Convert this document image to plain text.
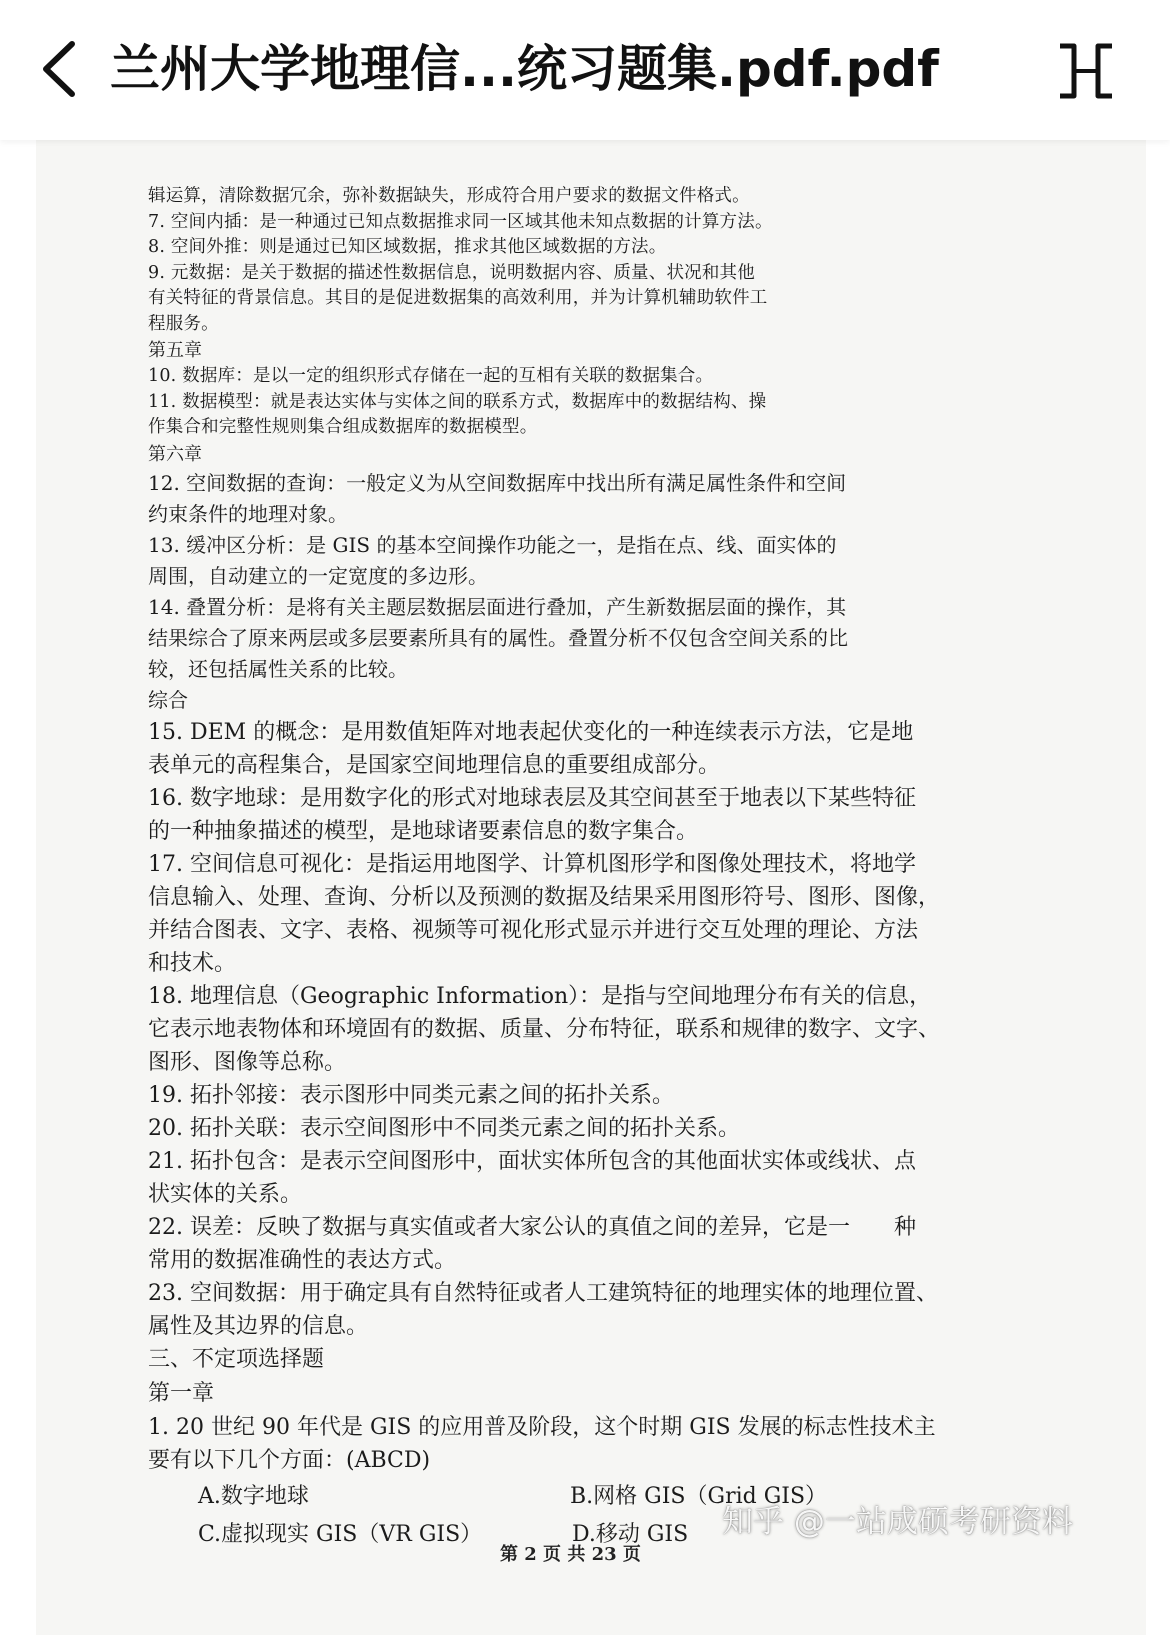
兰州大学地理信...统习题集.pdf.pdf

辑运算，清除数据冗余，弥补数据缺失，形成符合用户要求的数据文件格式。

7. 空间内插：是一种通过已知点数据推求同一区域其他未知点数据的计算方法。

8. 空间外推：则是通过已知区域数据，推求其他区域数据的方法。

9. 元数据：是关于数据的描述性数据信息，说明数据内容、质量、状况和其他

有关特征的背景信息。其目的是促进数据集的高效利用，并为计算机辅助软件工

程服务。

第五章

10. 数据库：是以一定的组织形式存储在一起的互相有关联的数据集合。

11. 数据模型：就是表达实体与实体之间的联系方式，数据库中的数据结构、操

作集合和完整性规则集合组成数据库的数据模型。

第六章

12. 空间数据的查询：一般定义为从空间数据库中找出所有满足属性条件和空间

约束条件的地理对象。

13. 缓冲区分析：是 GIS 的基本空间操作功能之一，是指在点、线、面实体的

周围，自动建立的一定宽度的多边形。

14. 叠置分析：是将有关主题层数据层面进行叠加，产生新数据层面的操作，其

结果综合了原来两层或多层要素所具有的属性。叠置分析不仅包含空间关系的比

较，还包括属性关系的比较。

综合

15. DEM 的概念：是用数值矩阵对地表起伏变化的一种连续表示方法，它是地

表单元的高程集合，是国家空间地理信息的重要组成部分。

16. 数字地球：是用数字化的形式对地球表层及其空间甚至于地表以下某些特征

的一种抽象描述的模型，是地球诸要素信息的数字集合。

17. 空间信息可视化：是指运用地图学、计算机图形学和图像处理技术，将地学

信息输入、处理、查询、分析以及预测的数据及结果采用图形符号、图形、图像，

并结合图表、文字、表格、视频等可视化形式显示并进行交互处理的理论、方法

和技术。

18. 地理信息（Geographic Information）：是指与空间地理分布有关的信息，

它表示地表物体和环境固有的数据、质量、分布特征，联系和规律的数字、文字、

图形、图像等总称。

19. 拓扑邻接：表示图形中同类元素之间的拓扑关系。

20. 拓扑关联：表示空间图形中不同类元素之间的拓扑关系。

21. 拓扑包含：是表示空间图形中，面状实体所包含的其他面状实体或线状、点

状实体的关系。

22. 误差：反映了数据与真实值或者大家公认的真值之间的差异，它是一　　种

常用的数据准确性的表达方式。

23. 空间数据：用于确定具有自然特征或者人工建筑特征的地理实体的地理位置、

属性及其边界的信息。

三、不定项选择题

第一章

1. 20 世纪 90 年代是 GIS 的应用普及阶段，这个时期 GIS 发展的标志性技术主

要有以下几个方面：(ABCD)

A.数字地球	B.网格 GIS（Grid GIS）
C.虚拟现实 GIS（VR GIS）	D.移动 GIS 知乎 @一站成硕考研资料
第 2 页 共 23 页
